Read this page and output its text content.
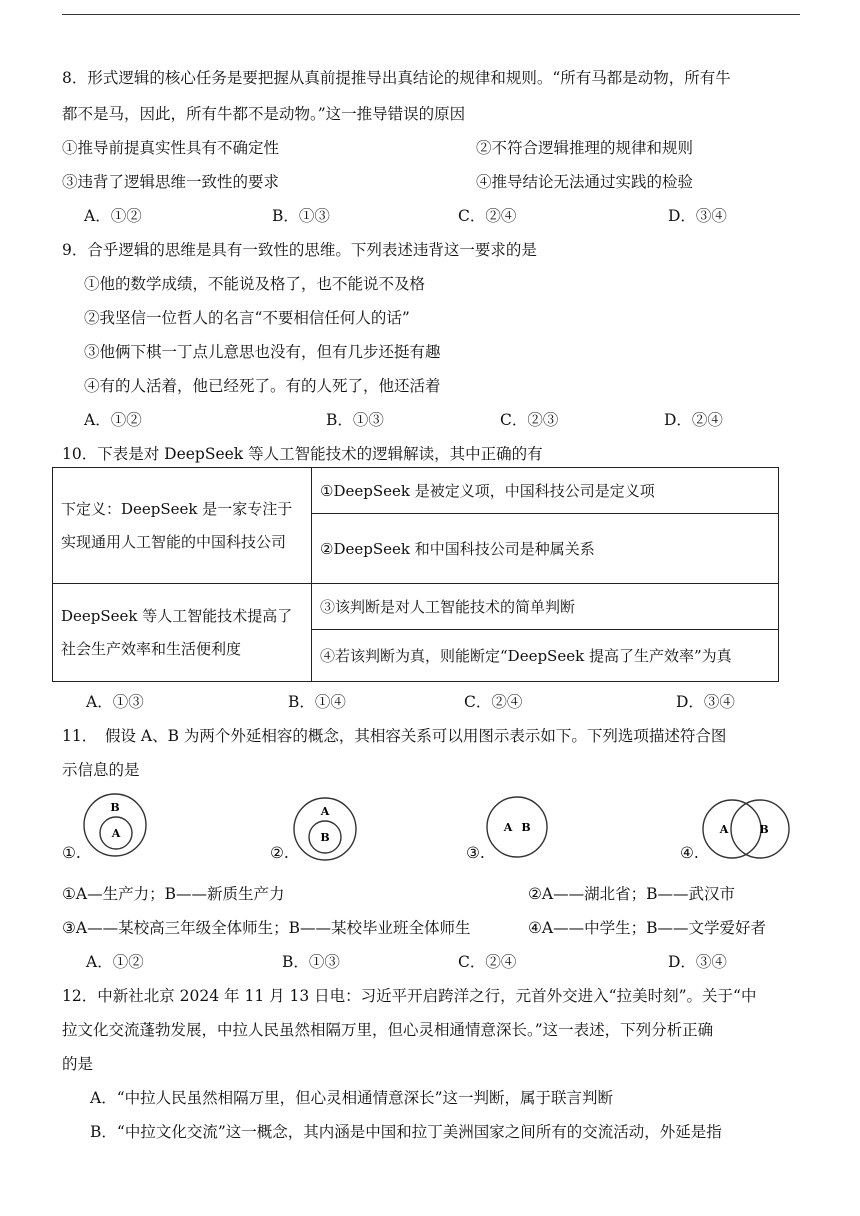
8．形式逻辑的核心任务是要把握从真前提推导出真结论的规律和规则。“所有马都是动物，所有牛
都不是马，因此，所有牛都不是动物。”这一推导错误的原因
①推导前提真实性具有不确定性	②不符合逻辑推理的规律和规则
③违背了逻辑思维一致性的要求	④推导结论无法通过实践的检验
A．①②	B．①③	C．②④	D．③④
9．合乎逻辑的思维是具有一致性的思维。下列表述违背这一要求的是
①他的数学成绩，不能说及格了，也不能说不及格
②我坚信一位哲人的名言“不要相信任何人的话”
③他俩下棋一丁点儿意思也没有，但有几步还挺有趣
④有的人活着，他已经死了。有的人死了，他还活着
A．①②	B．①③	C．②③	D．②④
10．下表是对 DeepSeek 等人工智能技术的逻辑解读，其中正确的有
下定义：DeepSeek 是一家专注于实现通用人工智能的中国科技公司	①DeepSeek 是被定义项，中国科技公司是定义项
	②DeepSeek 和中国科技公司是种属关系
DeepSeek 等人工智能技术提高了社会生产效率和生活便利度	③该判断是对人工智能技术的简单判断
	④若该判断为真，则能断定“DeepSeek 提高了生产效率”为真
A．①③	B．①④	C．②④	D．③④
11．　假设 A、B 为两个外延相容的概念，其相容关系可以用图示表示如下。下列选项描述符合图
示信息的是
①.
B
A
②.
A
B
③.
A B
④.
A	B
①A—生产力；B——新质生产力	②A——湖北省；B——武汉市
③A——某校高三年级全体师生；B——某校毕业班全体师生	④A——中学生；B——文学爱好者
A．①②	B．①③	C．②④	D．③④
12．中新社北京 2024 年 11 月 13 日电：习近平开启跨洋之行，元首外交进入“拉美时刻”。关于“中
拉文化交流蓬勃发展，中拉人民虽然相隔万里，但心灵相通情意深长。”这一表述，下列分析正确
的是
A．“中拉人民虽然相隔万里，但心灵相通情意深长”这一判断，属于联言判断
B．“中拉文化交流”这一概念，其内涵是中国和拉丁美洲国家之间所有的交流活动，外延是指
